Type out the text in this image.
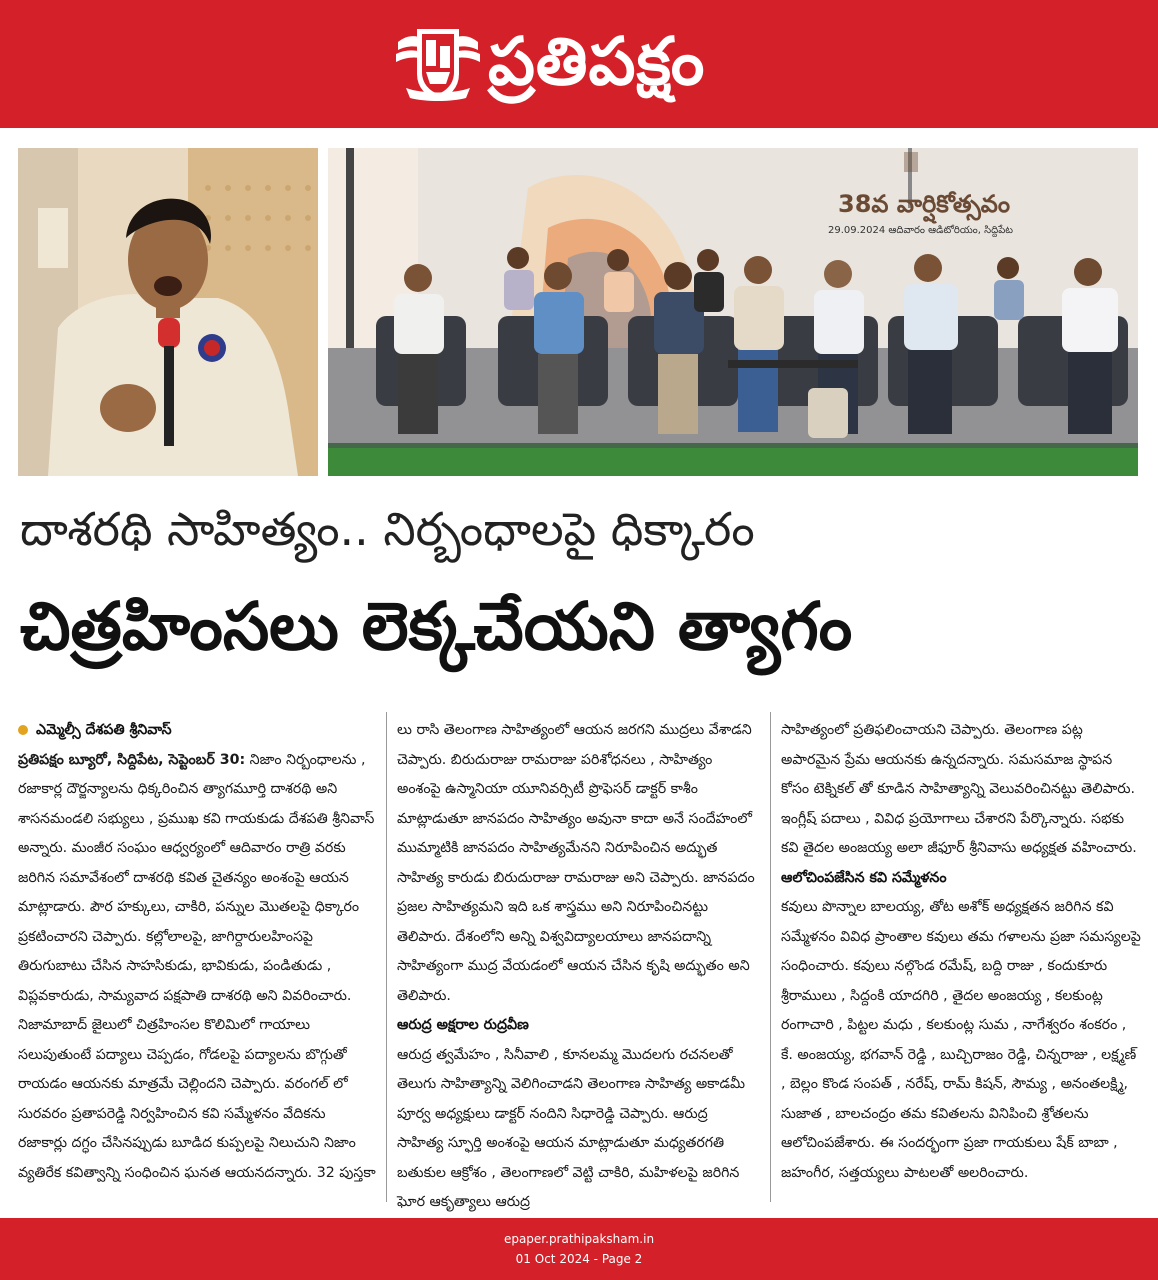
ప్రతిపక్షం
38వ వార్షికోత్సవం
29.09.2024 ఆదివారం ఆడిటోరియం, సిద్దిపేట
దాశరథి సాహిత్యం.. నిర్బంధాలపై ధిక్కారం
చిత్రహింసలు లెక్కచేయని త్యాగం
ఎమ్మెల్సీ దేశపతి శ్రీనివాస్

ప్రతిపక్షం బ్యూరో, సిద్దిపేట, సెప్టెంబర్ 30: నిజాం నిర్బంధాలను , రజాకార్ల దౌర్జన్యాలను ధిక్కరించిన త్యాగమూర్తి దాశరథి అని శాసనమండలి సభ్యులు , ప్రముఖ కవి గాయకుడు దేశపతి శ్రీనివాస్ అన్నారు. మంజీర సంఘం ఆధ్వర్యంలో ఆదివారం రాత్రి వరకు జరిగిన సమావేశంలో దాశరథి కవిత చైతన్యం అంశంపై ఆయన మాట్లాడారు. పౌర హక్కులు, చాకిరి, పన్నుల మొతలపై ధిక్కారం ప్రకటించారని చెప్పారు. కల్లోలాలపై, జాగిర్దారులహింసపై తిరుగుబాటు చేసిన సాహసికుడు, భావికుడు, పండితుడు , విప్లవకారుడు, సామ్యవాద పక్షపాతి దాశరథి అని వివరించారు. నిజామాబాద్ జైలులో చిత్రహింసల కొలిమిలో గాయాలు సలుపుతుంటే పద్యాలు చెప్పడం, గోడలపై పద్యాలను బొగ్గుతో రాయడం ఆయనకు మాత్రమే చెల్లిందని చెప్పారు. వరంగల్ లో సురవరం ప్రతాపరెడ్డి నిర్వహించిన కవి సమ్మేళనం వేదికను రజాకార్లు దగ్ధం చేసినప్పుడు బూడిద కుప్పలపై నిలుచుని నిజాం వ్యతిరేక కవిత్వాన్ని సంధించిన ఘనత ఆయనదన్నారు. 32 పుస్తకా

లు రాసి తెలంగాణ సాహిత్యంలో ఆయన జరగని ముద్రలు వేశాడని చెప్పారు. బిరుదురాజు రామరాజు పరిశోధనలు , సాహిత్యం అంశంపై ఉస్మానియా యూనివర్సిటీ ప్రొఫెసర్ డాక్టర్ కాశీం మాట్లాడుతూ జానపదం సాహిత్యం అవునా కాదా అనే సందేహంలో ముమ్మాటికి జానపదం సాహిత్యమేనని నిరూపించిన అద్భుత సాహిత్య కారుడు బిరుదురాజు రామరాజు అని చెప్పారు. జానపదం ప్రజల సాహిత్యమని ఇది ఒక శాస్త్రము అని నిరూపించినట్టు తెలిపారు. దేశంలోని అన్ని విశ్వవిద్యాలయాలు జానపదాన్ని సాహిత్యంగా ముద్ర వేయడంలో ఆయన చేసిన కృషి అద్భుతం అని తెలిపారు.

ఆరుద్ర అక్షరాల రుద్రవీణ

ఆరుద్ర త్వమేహం , సినీవాలి , కూనలమ్మ మొదలగు రచనలతో తెలుగు సాహిత్యాన్ని వెలిగించాడని తెలంగాణ సాహిత్య అకాడమీ పూర్వ అధ్యక్షులు డాక్టర్ నందిని సిధారెడ్డి చెప్పారు. ఆరుద్ర సాహిత్య స్ఫూర్తి అంశంపై ఆయన మాట్లాడుతూ మధ్యతరగతి బతుకుల ఆక్రోశం , తెలంగాణలో వెట్టి చాకిరి, మహిళలపై జరిగిన ఘోర ఆకృత్యాలు ఆరుద్ర

సాహిత్యంలో ప్రతిఫలించాయని చెప్పారు. తెలంగాణ పట్ల అపారమైన ప్రేమ ఆయనకు ఉన్నదన్నారు. సమసమాజ స్థాపన కోసం టెక్నికల్ తో కూడిన సాహిత్యాన్ని వెలువరించినట్టు తెలిపారు. ఇంగ్లీష్ పదాలు , వివిధ ప్రయోగాలు చేశారని పేర్కొన్నారు. సభకు కవి తైదల అంజయ్య అలా జీఫూర్ శ్రీనివాసు అధ్యక్షత వహించారు.

ఆలోచింపజేసిన కవి సమ్మేళనం

కవులు పొన్నాల బాలయ్య, తోట అశోక్ అధ్యక్షతన జరిగిన కవి సమ్మేళనం వివిధ ప్రాంతాల కవులు తమ గళాలను ప్రజా సమస్యలపై సంధించారు. కవులు నల్గొండ రమేష్, బద్ది రాజు , కందుకూరు శ్రీరాములు , సిద్దంకి యాదగిరి , తైదల అంజయ్య , కలకుంట్ల రంగాచారి , పిట్టల మధు , కలకుంట్ల సుమ , నాగేశ్వరం శంకరం , కే. అంజయ్య, భగవాన్ రెడ్డి , బుచ్చిరాజం రెడ్డి, చిన్నరాజు , లక్ష్మణ్ , బెల్లం కొండ సంపత్ , నరేష్, రామ్ కిషన్, సౌమ్య , అనంతలక్ష్మి, సుజాత , బాలచంద్రం తమ కవితలను వినిపించి శ్రోతలను ఆలోచింపజేశారు. ఈ సందర్భంగా ప్రజా గాయకులు షేక్ బాబా , జహంగీర, సత్తయ్యలు పాటలతో అలరించారు.

epaper.prathipaksham.in
01 Oct 2024 - Page 2
